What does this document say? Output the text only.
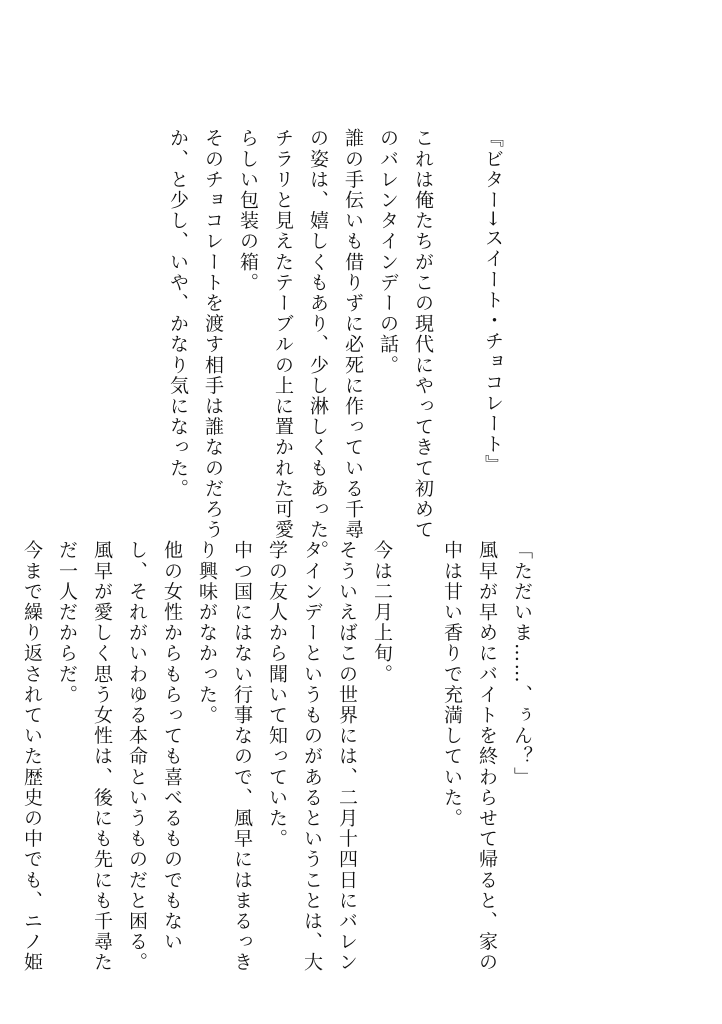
『ビター→スイート・チョコレート』
これは俺たちがこの現代にやってきて初めて
のバレンタインデーの話。
誰の手伝いも借りずに必死に作っている千尋
の姿は、嬉しくもあり、少し淋しくもあった。
チラリと見えたテーブルの上に置かれた可愛
らしい包装の箱。
そのチョコレートを渡す相手は誰なのだろう
か、と少し、いや、かなり気になった。
「ただいま……、ぅん？」
風早が早めにバイトを終わらせて帰ると、家の
中は甘い香りで充満していた。
今は二月上旬。
そういえばこの世界には、二月十四日にバレン
タインデーというものがあるということは、大
学の友人から聞いて知っていた。
中つ国にはない行事なので、風早にはまるっき
り興味がなかった。
他の女性からもらっても喜べるものでもない
し、それがいわゆる本命というものだと困る。
風早が愛しく思う女性は、後にも先にも千尋た
だ一人だからだ。
今まで繰り返されていた歴史の中でも、ニノ姫
